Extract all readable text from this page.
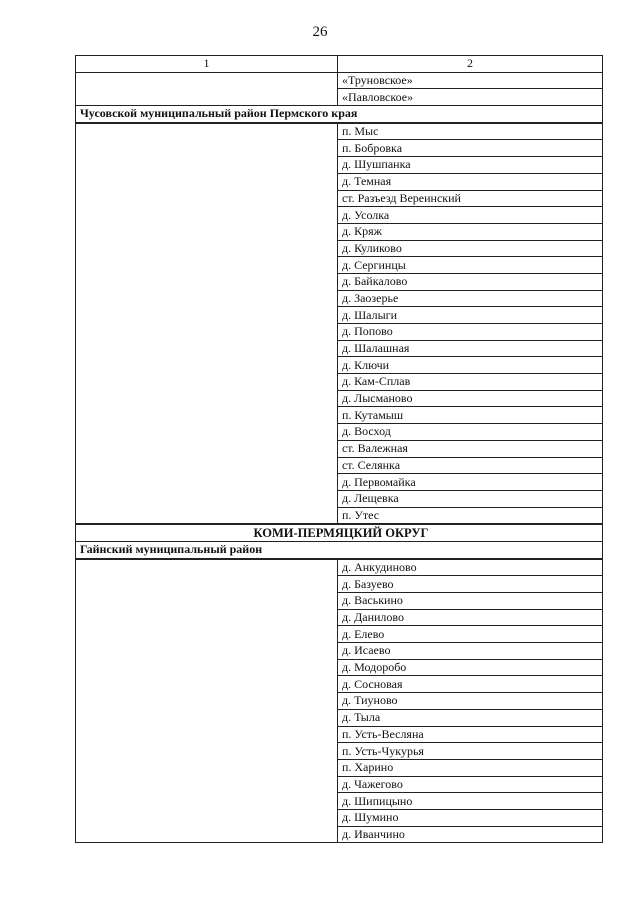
26
1	2
	«Труновское»
	«Павловское»
Чусовской муниципальный район Пермского края	
	п. Мыс
	п. Бобровка
	д. Шушпанка
	д. Темная
	ст. Разъезд Вереинский
	д. Усолка
	д. Кряж
	д. Куликово
	д. Сергинцы
	д. Байкалово
	д. Заозерье
	д. Шалыги
	д. Попово
	д. Шалашная
	д. Ключи
	д. Кам-Сплав
	д. Лысманово
	п. Кутамыш
	д. Восход
	ст. Валежная
	ст. Селянка
	д. Первомайка
	д. Лещевка
	п. Утес
КОМИ-ПЕРМЯЦКИЙ ОКРУГ	
Гайнский муниципальный район	
	д. Анкудиново
	д. Базуево
	д. Васькино
	д. Данилово
	д. Елево
	д. Исаево
	д. Модоробо
	д. Сосновая
	д. Тиуново
	д. Тыла
	п. Усть-Весляна
	п. Усть-Чукурья
	п. Харино
	д. Чажегово
	д. Шипицыно
	д. Шумино
	д. Иванчино
